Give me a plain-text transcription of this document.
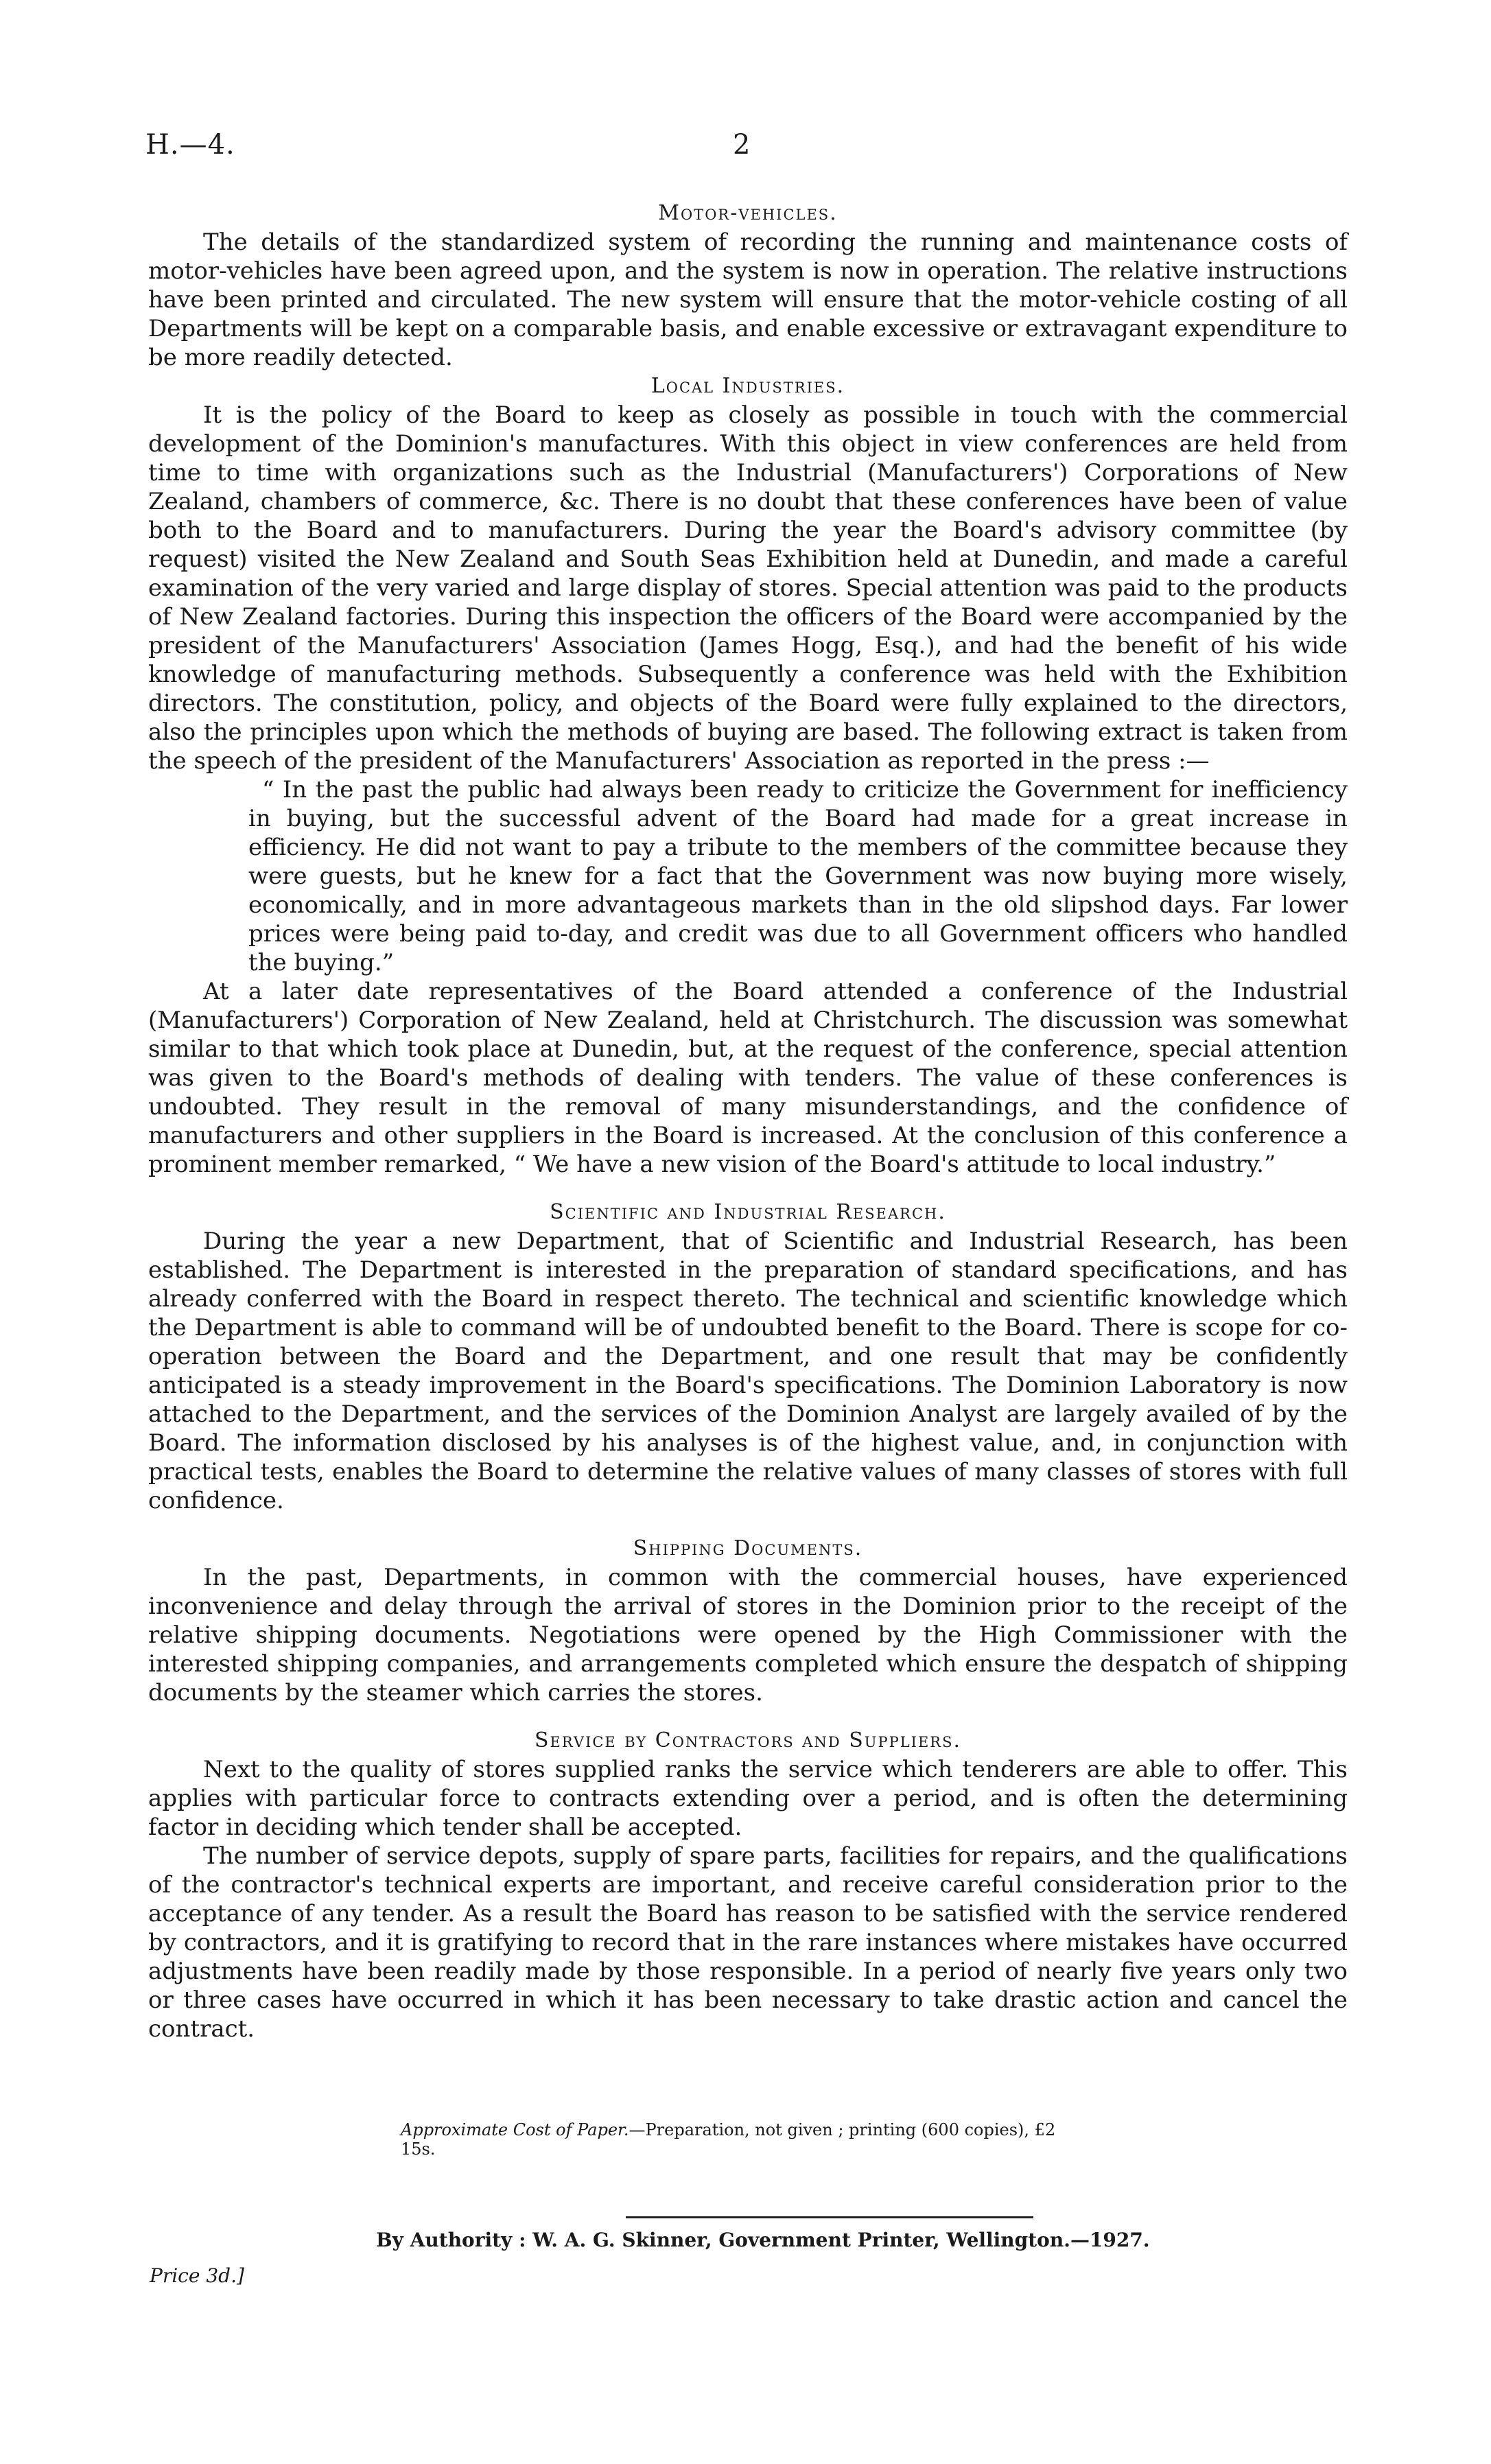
H.—4.	2
Motor-vehicles.

The details of the standardized system of recording the running and maintenance costs of motor-vehicles have been agreed upon, and the system is now in operation. The relative instructions have been printed and circulated. The new system will ensure that the motor-vehicle costing of all Departments will be kept on a comparable basis, and enable excessive or extravagant expenditure to be more readily detected.

Local Industries.

It is the policy of the Board to keep as closely as possible in touch with the commercial development of the Dominion's manufactures. With this object in view conferences are held from time to time with organizations such as the Industrial (Manufacturers') Corporations of New Zealand, chambers of commerce, &c. There is no doubt that these conferences have been of value both to the Board and to manufacturers. During the year the Board's advisory committee (by request) visited the New Zealand and South Seas Exhibition held at Dunedin, and made a careful examination of the very varied and large display of stores. Special attention was paid to the products of New Zealand factories. During this inspection the officers of the Board were accompanied by the president of the Manufacturers' Association (James Hogg, Esq.), and had the benefit of his wide knowledge of manufacturing methods. Subsequently a conference was held with the Exhibition directors. The constitution, policy, and objects of the Board were fully explained to the directors, also the principles upon which the methods of buying are based. The following extract is taken from the speech of the president of the Manufacturers' Association as reported in the press :—

“ In the past the public had always been ready to criticize the Government for inefficiency in buying, but the successful advent of the Board had made for a great increase in efficiency. He did not want to pay a tribute to the members of the committee because they were guests, but he knew for a fact that the Government was now buying more wisely, economically, and in more advantageous markets than in the old slipshod days. Far lower prices were being paid to-day, and credit was due to all Government officers who handled the buying.”

At a later date representatives of the Board attended a conference of the Industrial (Manufacturers') Corporation of New Zealand, held at Christchurch. The discussion was somewhat similar to that which took place at Dunedin, but, at the request of the conference, special attention was given to the Board's methods of dealing with tenders. The value of these conferences is undoubted. They result in the removal of many misunderstandings, and the confidence of manufacturers and other suppliers in the Board is increased. At the conclusion of this conference a prominent member remarked, “ We have a new vision of the Board's attitude to local industry.”

Scientific and Industrial Research.

During the year a new Department, that of Scientific and Industrial Research, has been established. The Department is interested in the preparation of standard specifications, and has already conferred with the Board in respect thereto. The technical and scientific knowledge which the Department is able to command will be of undoubted benefit to the Board. There is scope for co-operation between the Board and the Department, and one result that may be confidently anticipated is a steady improvement in the Board's specifications. The Dominion Laboratory is now attached to the Department, and the services of the Dominion Analyst are largely availed of by the Board. The information disclosed by his analyses is of the highest value, and, in conjunction with practical tests, enables the Board to determine the relative values of many classes of stores with full confidence.

Shipping Documents.

In the past, Departments, in common with the commercial houses, have experienced inconvenience and delay through the arrival of stores in the Dominion prior to the receipt of the relative shipping documents. Negotiations were opened by the High Commissioner with the interested shipping companies, and arrangements completed which ensure the despatch of shipping documents by the steamer which carries the stores.

Service by Contractors and Suppliers.

Next to the quality of stores supplied ranks the service which tenderers are able to offer. This applies with particular force to contracts extending over a period, and is often the determining factor in deciding which tender shall be accepted.

The number of service depots, supply of spare parts, facilities for repairs, and the qualifications of the contractor's technical experts are important, and receive careful consideration prior to the acceptance of any tender. As a result the Board has reason to be satisfied with the service rendered by contractors, and it is gratifying to record that in the rare instances where mistakes have occurred adjustments have been readily made by those responsible. In a period of nearly five years only two or three cases have occurred in which it has been necessary to take drastic action and cancel the contract.

Approximate Cost of Paper.—Preparation, not given ; printing (600 copies), £2 15s.
By Authority : W. A. G. Skinner, Government Printer, Wellington.—1927.
Price 3d.]
